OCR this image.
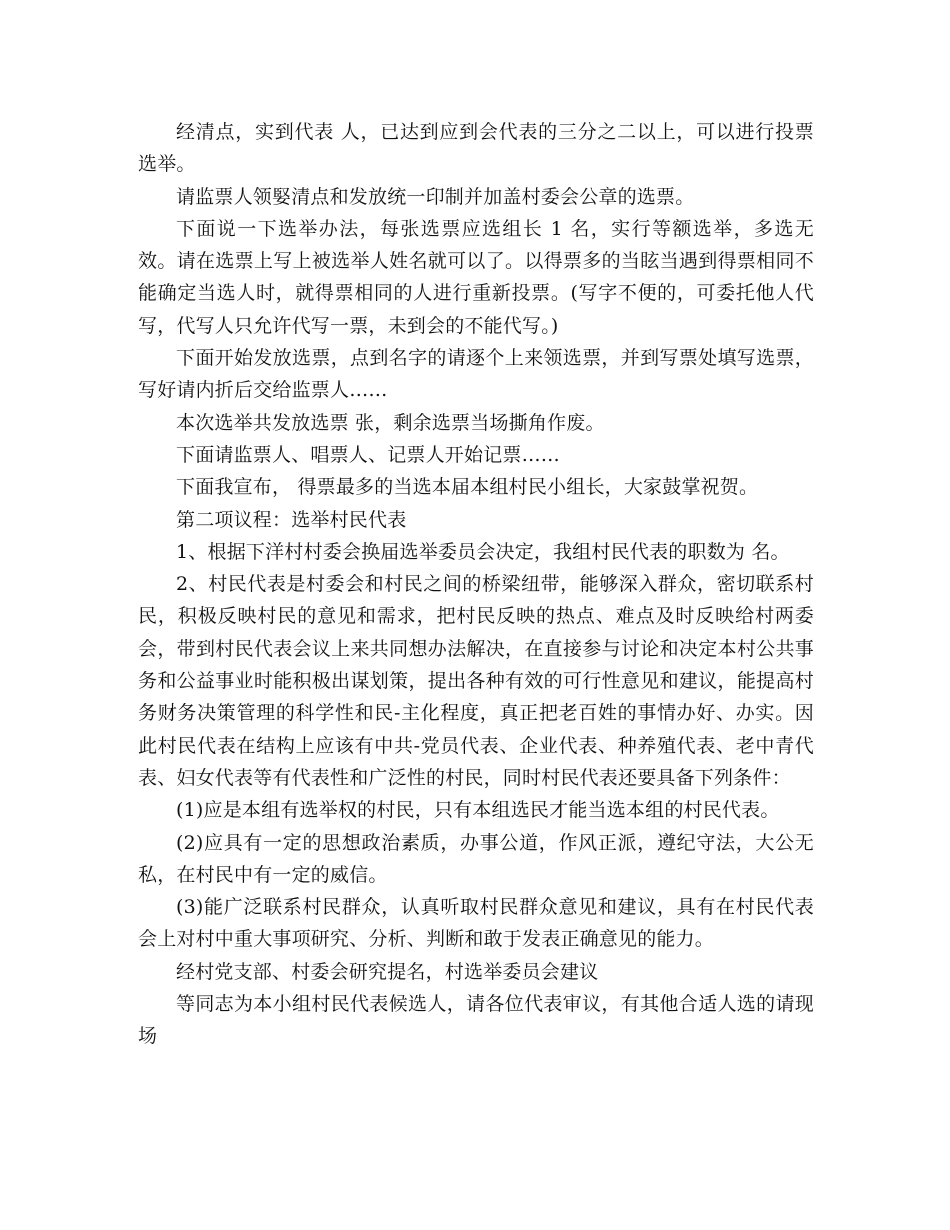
经清点，实到代表 人，已达到应到会代表的三分之二以上，可以进行投票选举。

请监票人领婜清点和发放统一印制并加盖村委会公章的选票。

下面说一下选举办法，每张选票应选组长 1 名，实行等额选举，多选无效。请在选票上写上被选举人姓名就可以了。以得票多的当眩当遇到得票相同不能确定当选人时，就得票相同的人进行重新投票。(写字不便的，可委托他人代写，代写人只允许代写一票，未到会的不能代写。)

下面开始发放选票，点到名字的请逐个上来领选票，并到写票处填写选票，写好请内折后交给监票人……

本次选举共发放选票 张，剩余选票当场撕角作废。

下面请监票人、唱票人、记票人开始记票……

下面我宣布， 得票最多的当选本届本组村民小组长，大家鼓掌祝贺。

第二项议程：选举村民代表

1、根据下洋村村委会换届选举委员会决定，我组村民代表的职数为 名。

2、村民代表是村委会和村民之间的桥梁纽带，能够深入群众，密切联系村民，积极反映村民的意见和需求，把村民反映的热点、难点及时反映给村两委会，带到村民代表会议上来共同想办法解决，在直接参与讨论和决定本村公共事务和公益事业时能积极出谋划策，提出各种有效的可行性意见和建议，能提高村务财务决策管理的科学性和民-主化程度，真正把老百姓的事情办好、办实。因此村民代表在结构上应该有中共-党员代表、企业代表、种养殖代表、老中青代表、妇女代表等有代表性和广泛性的村民，同时村民代表还要具备下列条件：

(1)应是本组有选举权的村民，只有本组选民才能当选本组的村民代表。

(2)应具有一定的思想政治素质，办事公道，作风正派，遵纪守法，大公无私，在村民中有一定的威信。

(3)能广泛联系村民群众，认真听取村民群众意见和建议，具有在村民代表会上对村中重大事项研究、分析、判断和敢于发表正确意见的能力。

经村党支部、村委会研究提名，村选举委员会建议

等同志为本小组村民代表候选人，请各位代表审议，有其他合适人选的请现场
